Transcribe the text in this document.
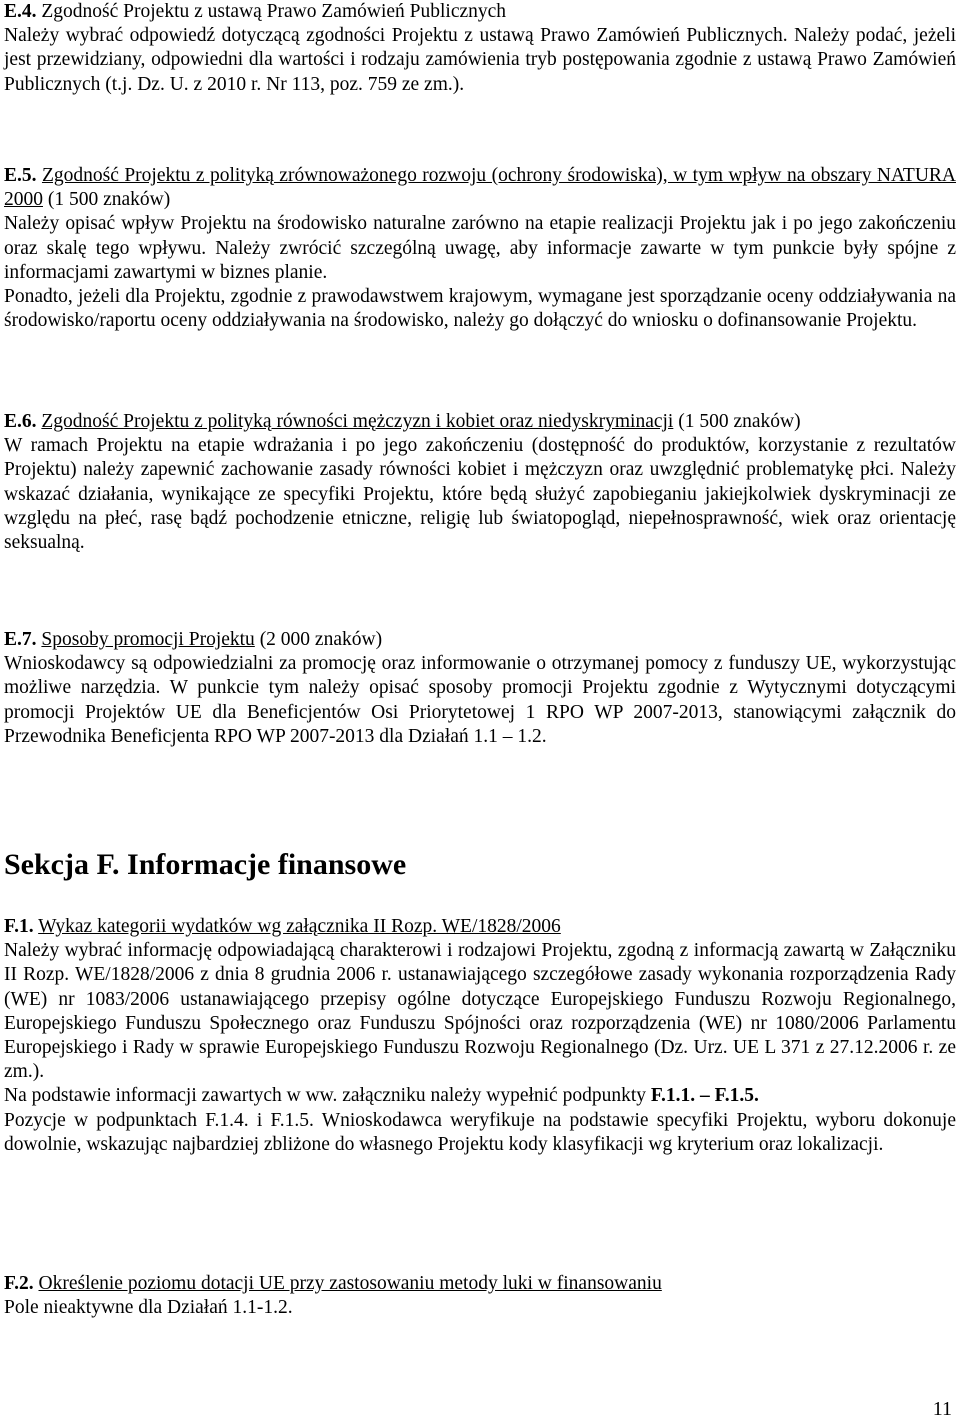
E.4. Zgodność Projektu z ustawą Prawo Zamówień Publicznych

Należy wybrać odpowiedź dotyczącą zgodności Projektu z ustawą Prawo Zamówień Publicznych. Należy podać, jeżeli jest przewidziany, odpowiedni dla wartości i rodzaju zamówienia tryb postępowania zgodnie z ustawą Prawo Zamówień Publicznych (t.j. Dz. U. z 2010 r. Nr 113, poz. 759 ze zm.).

E.5. Zgodność Projektu z polityką zrównoważonego rozwoju (ochrony środowiska), w tym wpływ na obszary NATURA 2000 (1 500 znaków)

Należy opisać wpływ Projektu na środowisko naturalne zarówno na etapie realizacji Projektu jak i po jego zakończeniu oraz skalę tego wpływu. Należy zwrócić szczególną uwagę, aby informacje zawarte w tym punkcie były spójne z informacjami zawartymi w biznes planie.

Ponadto, jeżeli dla Projektu, zgodnie z prawodawstwem krajowym, wymagane jest sporządzanie oceny oddziaływania na środowisko/raportu oceny oddziaływania na środowisko, należy go dołączyć do wniosku o dofinansowanie Projektu.

E.6. Zgodność Projektu z polityką równości mężczyzn i kobiet oraz niedyskryminacji (1 500 znaków)

W ramach Projektu na etapie wdrażania i po jego zakończeniu (dostępność do produktów, korzystanie z rezultatów Projektu) należy zapewnić zachowanie zasady równości kobiet i mężczyzn oraz uwzględnić problematykę płci. Należy wskazać działania, wynikające ze specyfiki Projektu, które będą służyć zapobieganiu jakiejkolwiek dyskryminacji ze względu na płeć, rasę bądź pochodzenie etniczne, religię lub światopogląd, niepełnosprawność, wiek oraz orientację seksualną.

E.7. Sposoby promocji Projektu (2 000 znaków)

Wnioskodawcy są odpowiedzialni za promocję oraz informowanie o otrzymanej pomocy z funduszy UE, wykorzystując możliwe narzędzia. W punkcie tym należy opisać sposoby promocji Projektu zgodnie z Wytycznymi dotyczącymi promocji Projektów UE dla Beneficjentów Osi Priorytetowej 1 RPO WP 2007-2013, stanowiącymi załącznik do Przewodnika Beneficjenta RPO WP 2007-2013 dla Działań 1.1 – 1.2.

Sekcja F. Informacje finansowe

F.1. Wykaz kategorii wydatków wg załącznika II Rozp. WE/1828/2006

Należy wybrać informację odpowiadającą charakterowi i rodzajowi Projektu, zgodną z informacją zawartą w Załączniku II Rozp. WE/1828/2006 z dnia 8 grudnia 2006 r. ustanawiającego szczegółowe zasady wykonania rozporządzenia Rady (WE) nr 1083/2006 ustanawiającego przepisy ogólne dotyczące Europejskiego Funduszu Rozwoju Regionalnego, Europejskiego Funduszu Społecznego oraz Funduszu Spójności oraz rozporządzenia (WE) nr 1080/2006 Parlamentu Europejskiego i Rady w sprawie Europejskiego Funduszu Rozwoju Regionalnego (Dz. Urz. UE L 371 z 27.12.2006 r. ze zm.).

Na podstawie informacji zawartych w ww. załączniku należy wypełnić podpunkty F.1.1. – F.1.5.

Pozycje w podpunktach F.1.4. i F.1.5. Wnioskodawca weryfikuje na podstawie specyfiki Projektu, wyboru dokonuje dowolnie, wskazując najbardziej zbliżone do własnego Projektu kody klasyfikacji wg kryterium oraz lokalizacji.

F.2. Określenie poziomu dotacji UE przy zastosowaniu metody luki w finansowaniu

Pole nieaktywne dla Działań 1.1-1.2.

11
